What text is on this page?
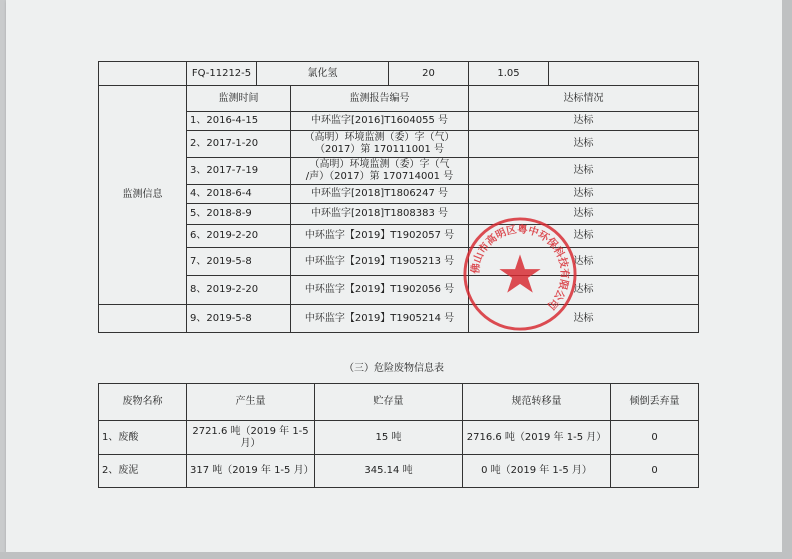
	FQ-11212-5	氯化氢		20	1.05	
监测信息	监测时间		监测报告编号		达标情况	
	1、2016-4-15		中环监字[2016]T1604055 号		达标	
	2、2017-1-20		（高明）环境监测（委）字（气）
（2017）第 170111001 号		达标	
	3、2017-7-19		（高明）环境监测（委）字（气
/声）（2017）第 170714001 号		达标	
	4、2018-6-4		中环监字[2018]T1806247 号		达标	
	5、2018-8-9		中环监字[2018]T1808383 号		达标	
	6、2019-2-20		中环监字【2019】T1902057 号		达标	
	7、2019-5-8		中环监字【2019】T1905213 号		达标	
	8、2019-2-20		中环监字【2019】T1902056 号		达标	
	9、2019-5-8		中环监字【2019】T1905214 号		达标	
（三）危险废物信息表
废物名称	产生量	贮存量	规范转移量	倾倒丢弃量
1、废酸	2721.6 吨（2019 年 1-5 月）	15 吨	2716.6 吨（2019 年 1-5 月）	0
2、废泥	317 吨（2019 年 1-5 月）	345.14 吨	0 吨（2019 年 1-5 月）	0
佛山市高明区粤中环保科技有限公司
